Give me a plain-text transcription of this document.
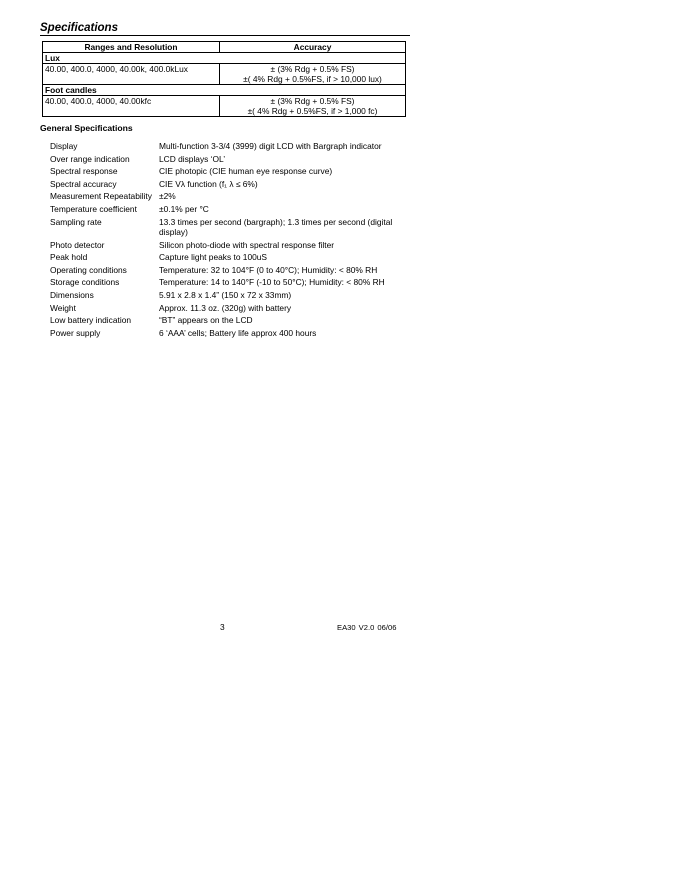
Specifications
Ranges and Resolution	Accuracy
Lux	
40.00, 400.0, 4000, 40.00k, 400.0kLux	± (3% Rdg + 0.5% FS)
±( 4% Rdg + 0.5%FS, if > 10,000 lux)

Foot candles	
40.00, 400.0, 4000, 40.00kfc	± (3% Rdg + 0.5% FS)
±( 4% Rdg + 0.5%FS, if > 1,000 fc)
General Specifications
Display	Multi-function 3-3/4 (3999) digit LCD with Bargraph indicator
Over range indication	LCD displays ‘OL’
Spectral response	CIE photopic (CIE human eye response curve)
Spectral accuracy	CIE Vλ function (f₁ λ ≤ 6%)
Measurement Repeatability ±2%
Temperature coefficient	±0.1% per °C
Sampling rate	13.3 times per second (bargraph); 1.3 times per second (digital display)
Photo detector	Silicon photo-diode with spectral response filter
Peak hold	Capture light peaks to 100uS
Operating conditions	Temperature: 32 to 104°F (0 to 40°C); Humidity: < 80% RH
Storage conditions	Temperature: 14 to 140°F (-10 to 50°C); Humidity: < 80% RH
Dimensions	5.91 x 2.8 x 1.4” (150 x 72 x 33mm)
Weight	Approx. 11.3 oz. (320g) with battery
Low battery indication	“BT” appears on the LCD
Power supply	6 ‘AAA’ cells; Battery life approx 400 hours
3	EA30 V2.0 06/06
